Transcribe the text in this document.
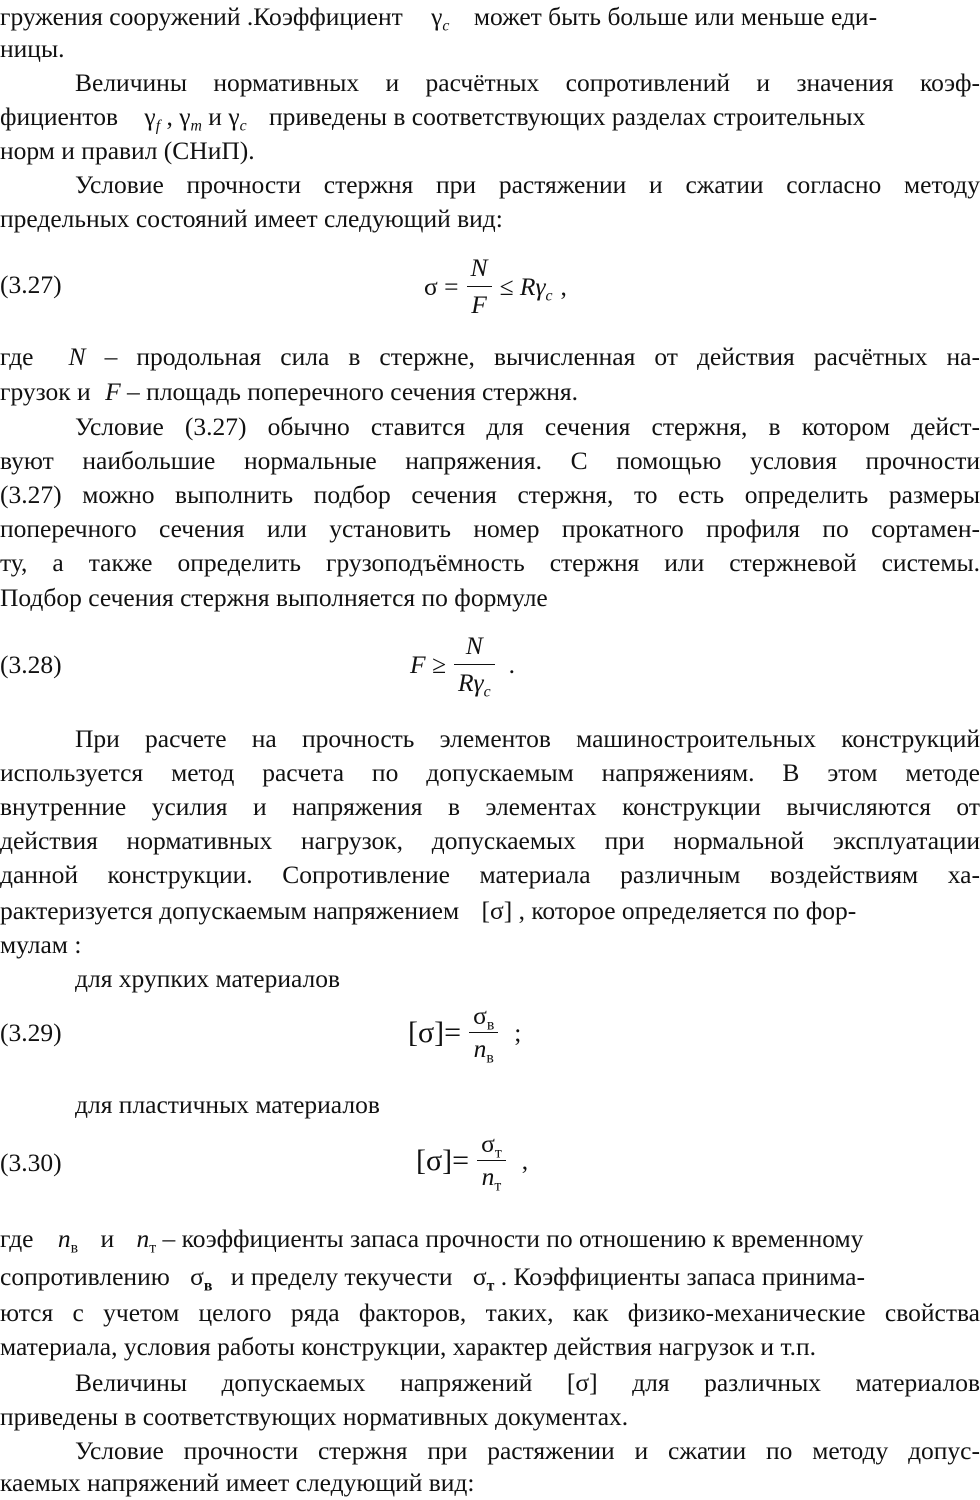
гружения сооружений .Коэффициент $\gamma_c$ может быть больше или меньше еди-
ницы.
Величины нормативных и расчётных сопротивлений и значения коэф-
фициентов $\gamma_f$ , $\gamma_m$ и $\gamma_c$ приведены в соответствующих разделах строительных
норм и правил (СНиП).
Условие прочности стержня при растяжении и сжатии согласно методу
предельных состояний имеет следующий вид:
$\sigma = \frac{N}{F} \le R\gamma_c$ ,
(3.27)
где N – продольная сила в стержне, вычисленная от действия расчётных на-
грузок и F – площадь поперечного сечения стержня.
Условие (3.27) обычно ставится для сечения стержня, в котором дейст-
вуют наибольшие нормальные напряжения. С помощью условия прочности
(3.27) можно выполнить подбор сечения стержня, то есть определить размеры
поперечного сечения или установить номер прокатного профиля по сортамен-
ту, а также определить грузоподъёмность стержня или стержневой системы.
Подбор сечения стержня выполняется по формуле
$F \ge \frac{N}{R\gamma_c}$ .
(3.28)
При расчете на прочность элементов машиностроительных конструкций
используется метод расчета по допускаемым напряжениям. В этом методе
внутренние усилия и напряжения в элементах конструкции вычисляются от
действия нормативных нагрузок, допускаемых при нормальной эксплуатации
данной конструкции. Сопротивление материала различным воздействиям ха-
рактеризуется допускаемым напряжением [σ] , которое определяется по фор-
мулам :
для хрупких материалов
$[\sigma]= \frac{\sigma_в}{n_в}$ ;
(3.29)
для пластичных материалов
$[\sigma]= \frac{\sigma_т}{n_т}$ ,
(3.30)
где $n_в$ и $n_т$ – коэффициенты запаса прочности по отношению к временному
сопротивлению $\sigma_в$ и пределу текучести $\sigma_т$ . Коэффициенты запаса принима-
ются с учетом целого ряда факторов, таких, как физико-механические свойства
материала, условия работы конструкции, характер действия нагрузок и т.п.
Величины допускаемых напряжений [σ] для различных материалов
приведены в соответствующих нормативных документах.
Условие прочности стержня при растяжении и сжатии по методу допус-
каемых напряжений имеет следующий вид:
